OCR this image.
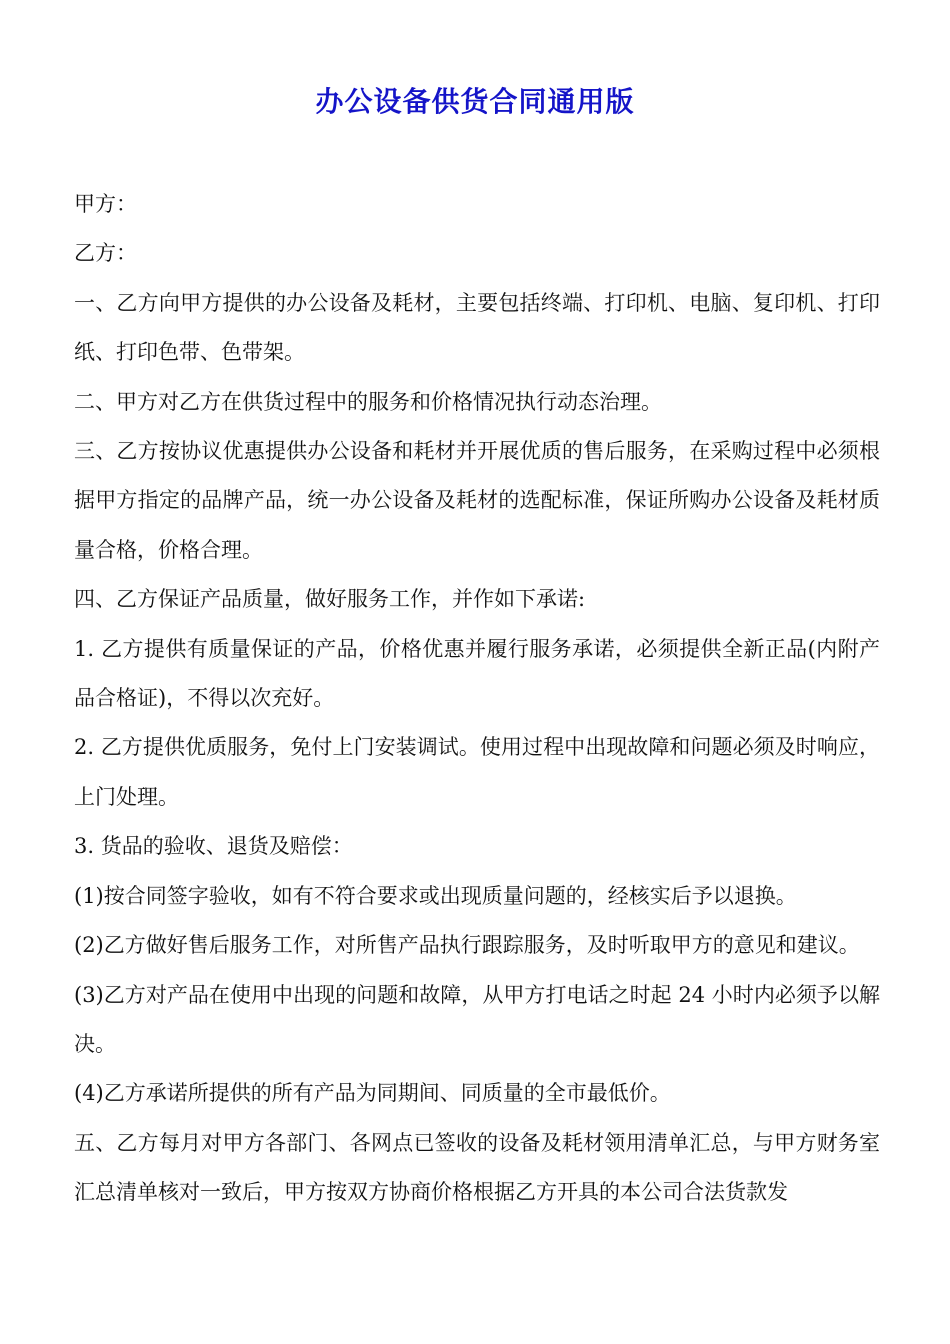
办公设备供货合同通用版

甲方：

乙方：

一、乙方向甲方提供的办公设备及耗材，主要包括终端、打印机、电脑、复印机、打印纸、打印色带、色带架。

二、甲方对乙方在供货过程中的服务和价格情况执行动态治理。

三、乙方按协议优惠提供办公设备和耗材并开展优质的售后服务，在采购过程中必须根据甲方指定的品牌产品，统一办公设备及耗材的选配标准，保证所购办公设备及耗材质量合格，价格合理。

四、乙方保证产品质量，做好服务工作，并作如下承诺:

1. 乙方提供有质量保证的产品，价格优惠并履行服务承诺，必须提供全新正品(内附产品合格证)，不得以次充好。

2. 乙方提供优质服务，免付上门安装调试。使用过程中出现故障和问题必须及时响应，上门处理。

3. 货品的验收、退货及赔偿：

(1)按合同签字验收，如有不符合要求或出现质量问题的，经核实后予以退换。

(2)乙方做好售后服务工作，对所售产品执行跟踪服务，及时听取甲方的意见和建议。

(3)乙方对产品在使用中出现的问题和故障，从甲方打电话之时起 24 小时内必须予以解决。

(4)乙方承诺所提供的所有产品为同期间、同质量的全市最低价。

五、乙方每月对甲方各部门、各网点已签收的设备及耗材领用清单汇总，与甲方财务室汇总清单核对一致后，甲方按双方协商价格根据乙方开具的本公司合法货款发
